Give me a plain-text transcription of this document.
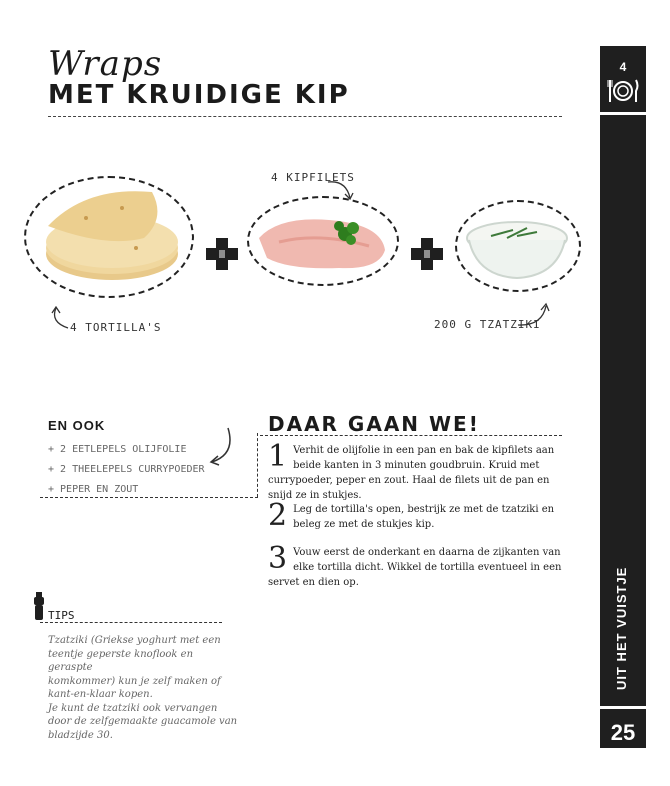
Wraps
MET KRUIDIGE KIP
4
UIT HET VUISTJE
25
4 KIPFILETS
4 TORTILLA'S	200 G TZATZIKI
EN OOK
+ 2 EETLEPELS OLIJFOLIE
+ 2 THEELEPELS CURRYPOEDER
+ PEPER EN ZOUT
DAAR GAAN WE!
1 Verhit de olijfolie in een pan en bak de kipfilets aan beide kanten in 3 minuten goudbruin. Kruid met currypoeder, peper en zout. Haal de filets uit de pan en snijd ze in stukjes.
2 Leg de tortilla's open, bestrijk ze met de tzatziki en beleg ze met de stukjes kip.
3 Vouw eerst de onderkant en daarna de zijkanten van elke tortilla dicht. Wikkel de tortilla eventueel in een servet en dien op.
TIPS
Tzatziki (Griekse yoghurt met een
teentje geperste knoflook en geraspte
komkommer) kun je zelf maken of
kant-en-klaar kopen.
Je kunt de tzatziki ook vervangen
door de zelfgemaakte guacamole van
bladzijde 30.
